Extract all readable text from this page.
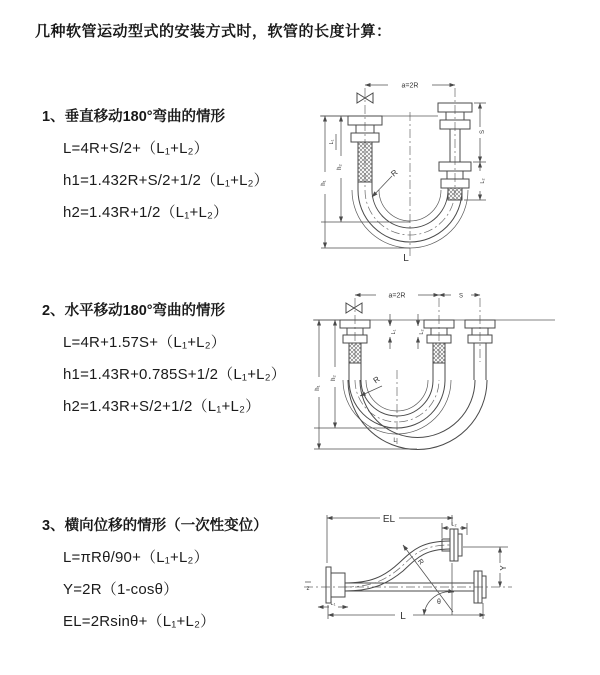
几种软管运动型式的安装方式时，软管的长度计算：
1、垂直移动180°弯曲的情形
L=4R+S/2+（L₁+L₂）
h1=1.432R+S/2+1/2（L₁+L₂）
h2=1.43R+1/2（L₁+L₂）
2、水平移动180°弯曲的情形
L=4R+1.57S+（L₁+L₂）
h1=1.43R+0.785S+1/2（L₁+L₂）
h2=1.43R+S/2+1/2（L₁+L₂）
3、横向位移的情形（一次性变位）
L=πRθ/90+（L₁+L₂）
Y=2R（1-cosθ）
EL=2Rsinθ+（L₁+L₂）
a=2R
S
L₂
L₁
h₁
h₂
R
L
a=2R	S
L₁	L₂
h₁
h₂	R
L
EL	L₂
Y
R
θ
L
L₁
z
